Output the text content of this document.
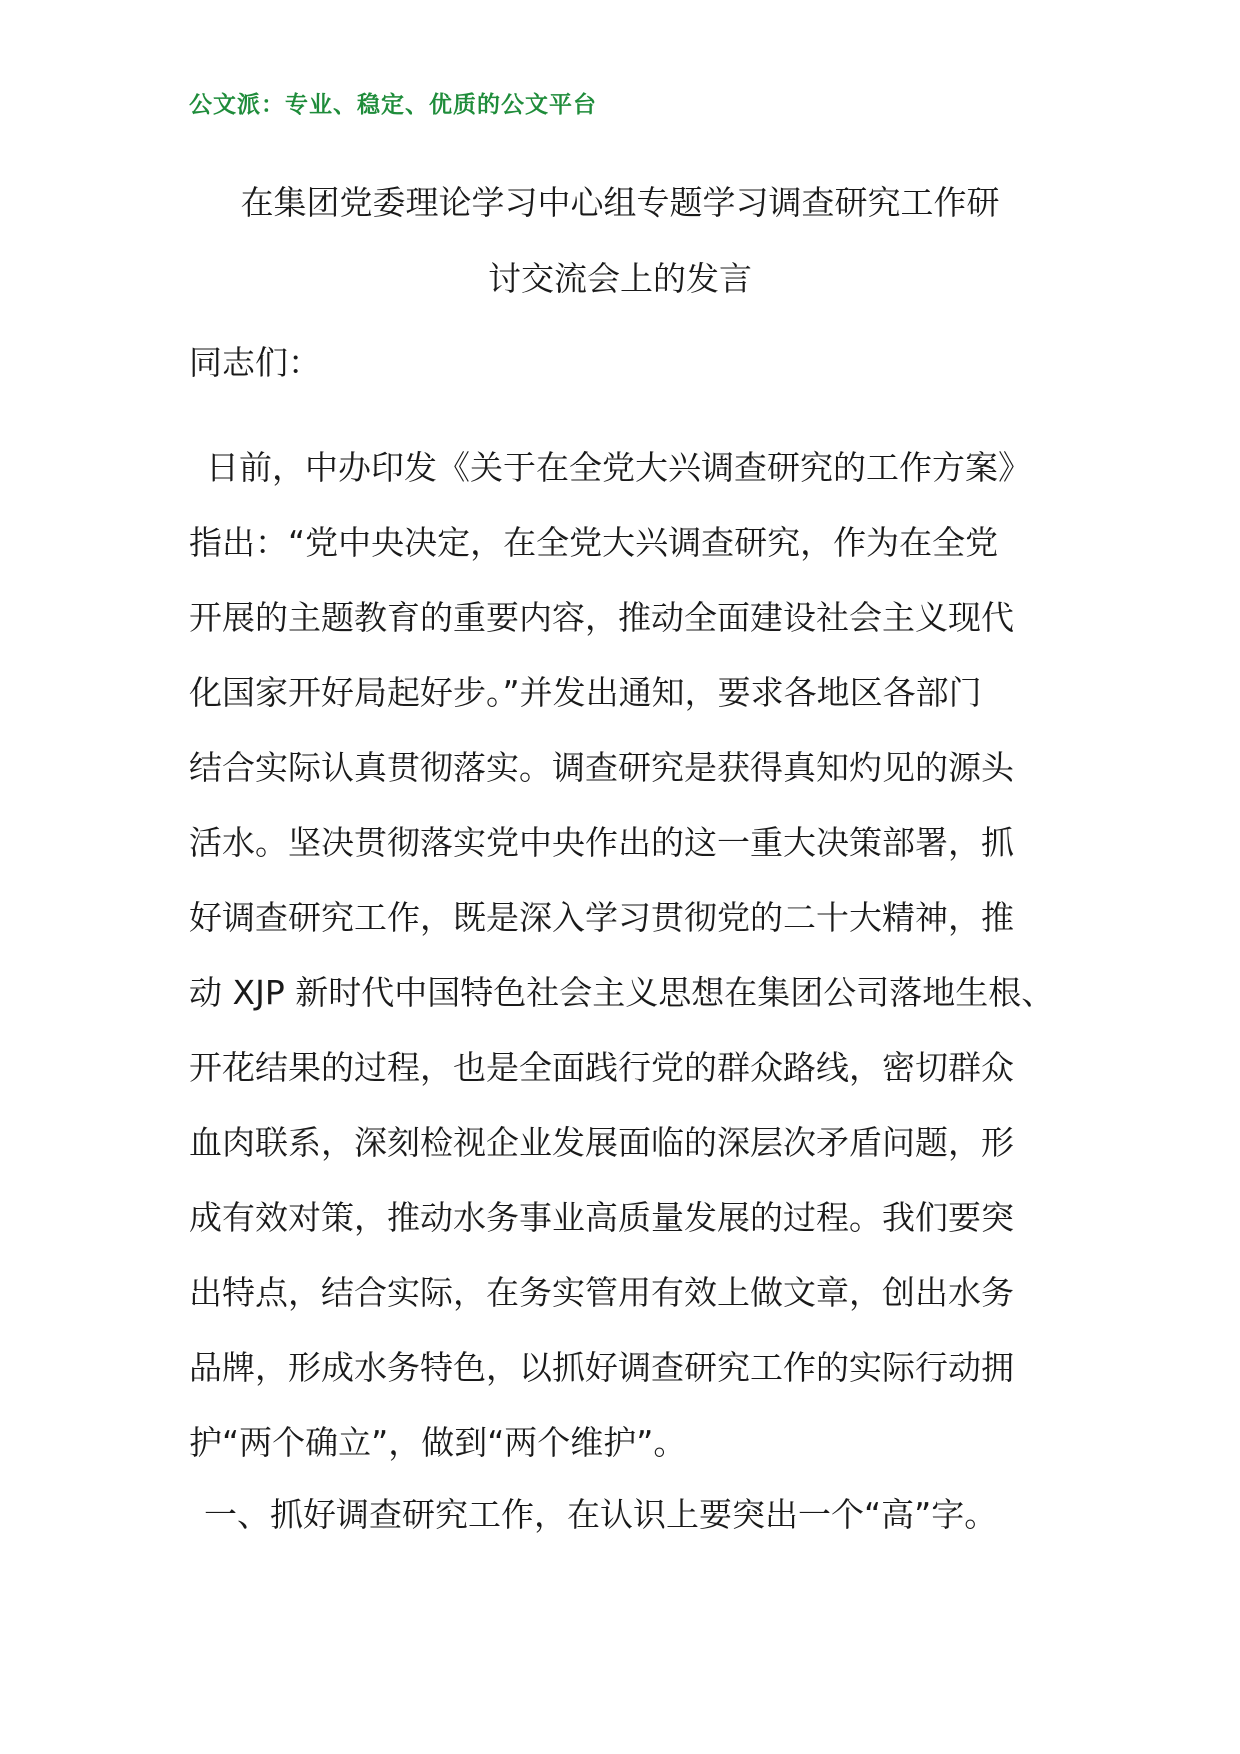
公文派：专业、稳定、优质的公文平台
在集团党委理论学习中心组专题学习调查研究工作研
讨交流会上的发言
同志们：
日前，中办印发《关于在全党大兴调查研究的工作方案》
指出：“党中央决定，在全党大兴调查研究，作为在全党
开展的主题教育的重要内容，推动全面建设社会主义现代
化国家开好局起好步。”并发出通知，要求各地区各部门
结合实际认真贯彻落实。调查研究是获得真知灼见的源头
活水。坚决贯彻落实党中央作出的这一重大决策部署，抓
好调查研究工作，既是深入学习贯彻党的二十大精神，推
动 XJP 新时代中国特色社会主义思想在集团公司落地生根、
开花结果的过程，也是全面践行党的群众路线，密切群众
血肉联系，深刻检视企业发展面临的深层次矛盾问题，形
成有效对策，推动水务事业高质量发展的过程。我们要突
出特点，结合实际，在务实管用有效上做文章，创出水务
品牌，形成水务特色，以抓好调查研究工作的实际行动拥
护“两个确立”，做到“两个维护”。
一、抓好调查研究工作，在认识上要突出一个“高”字。
